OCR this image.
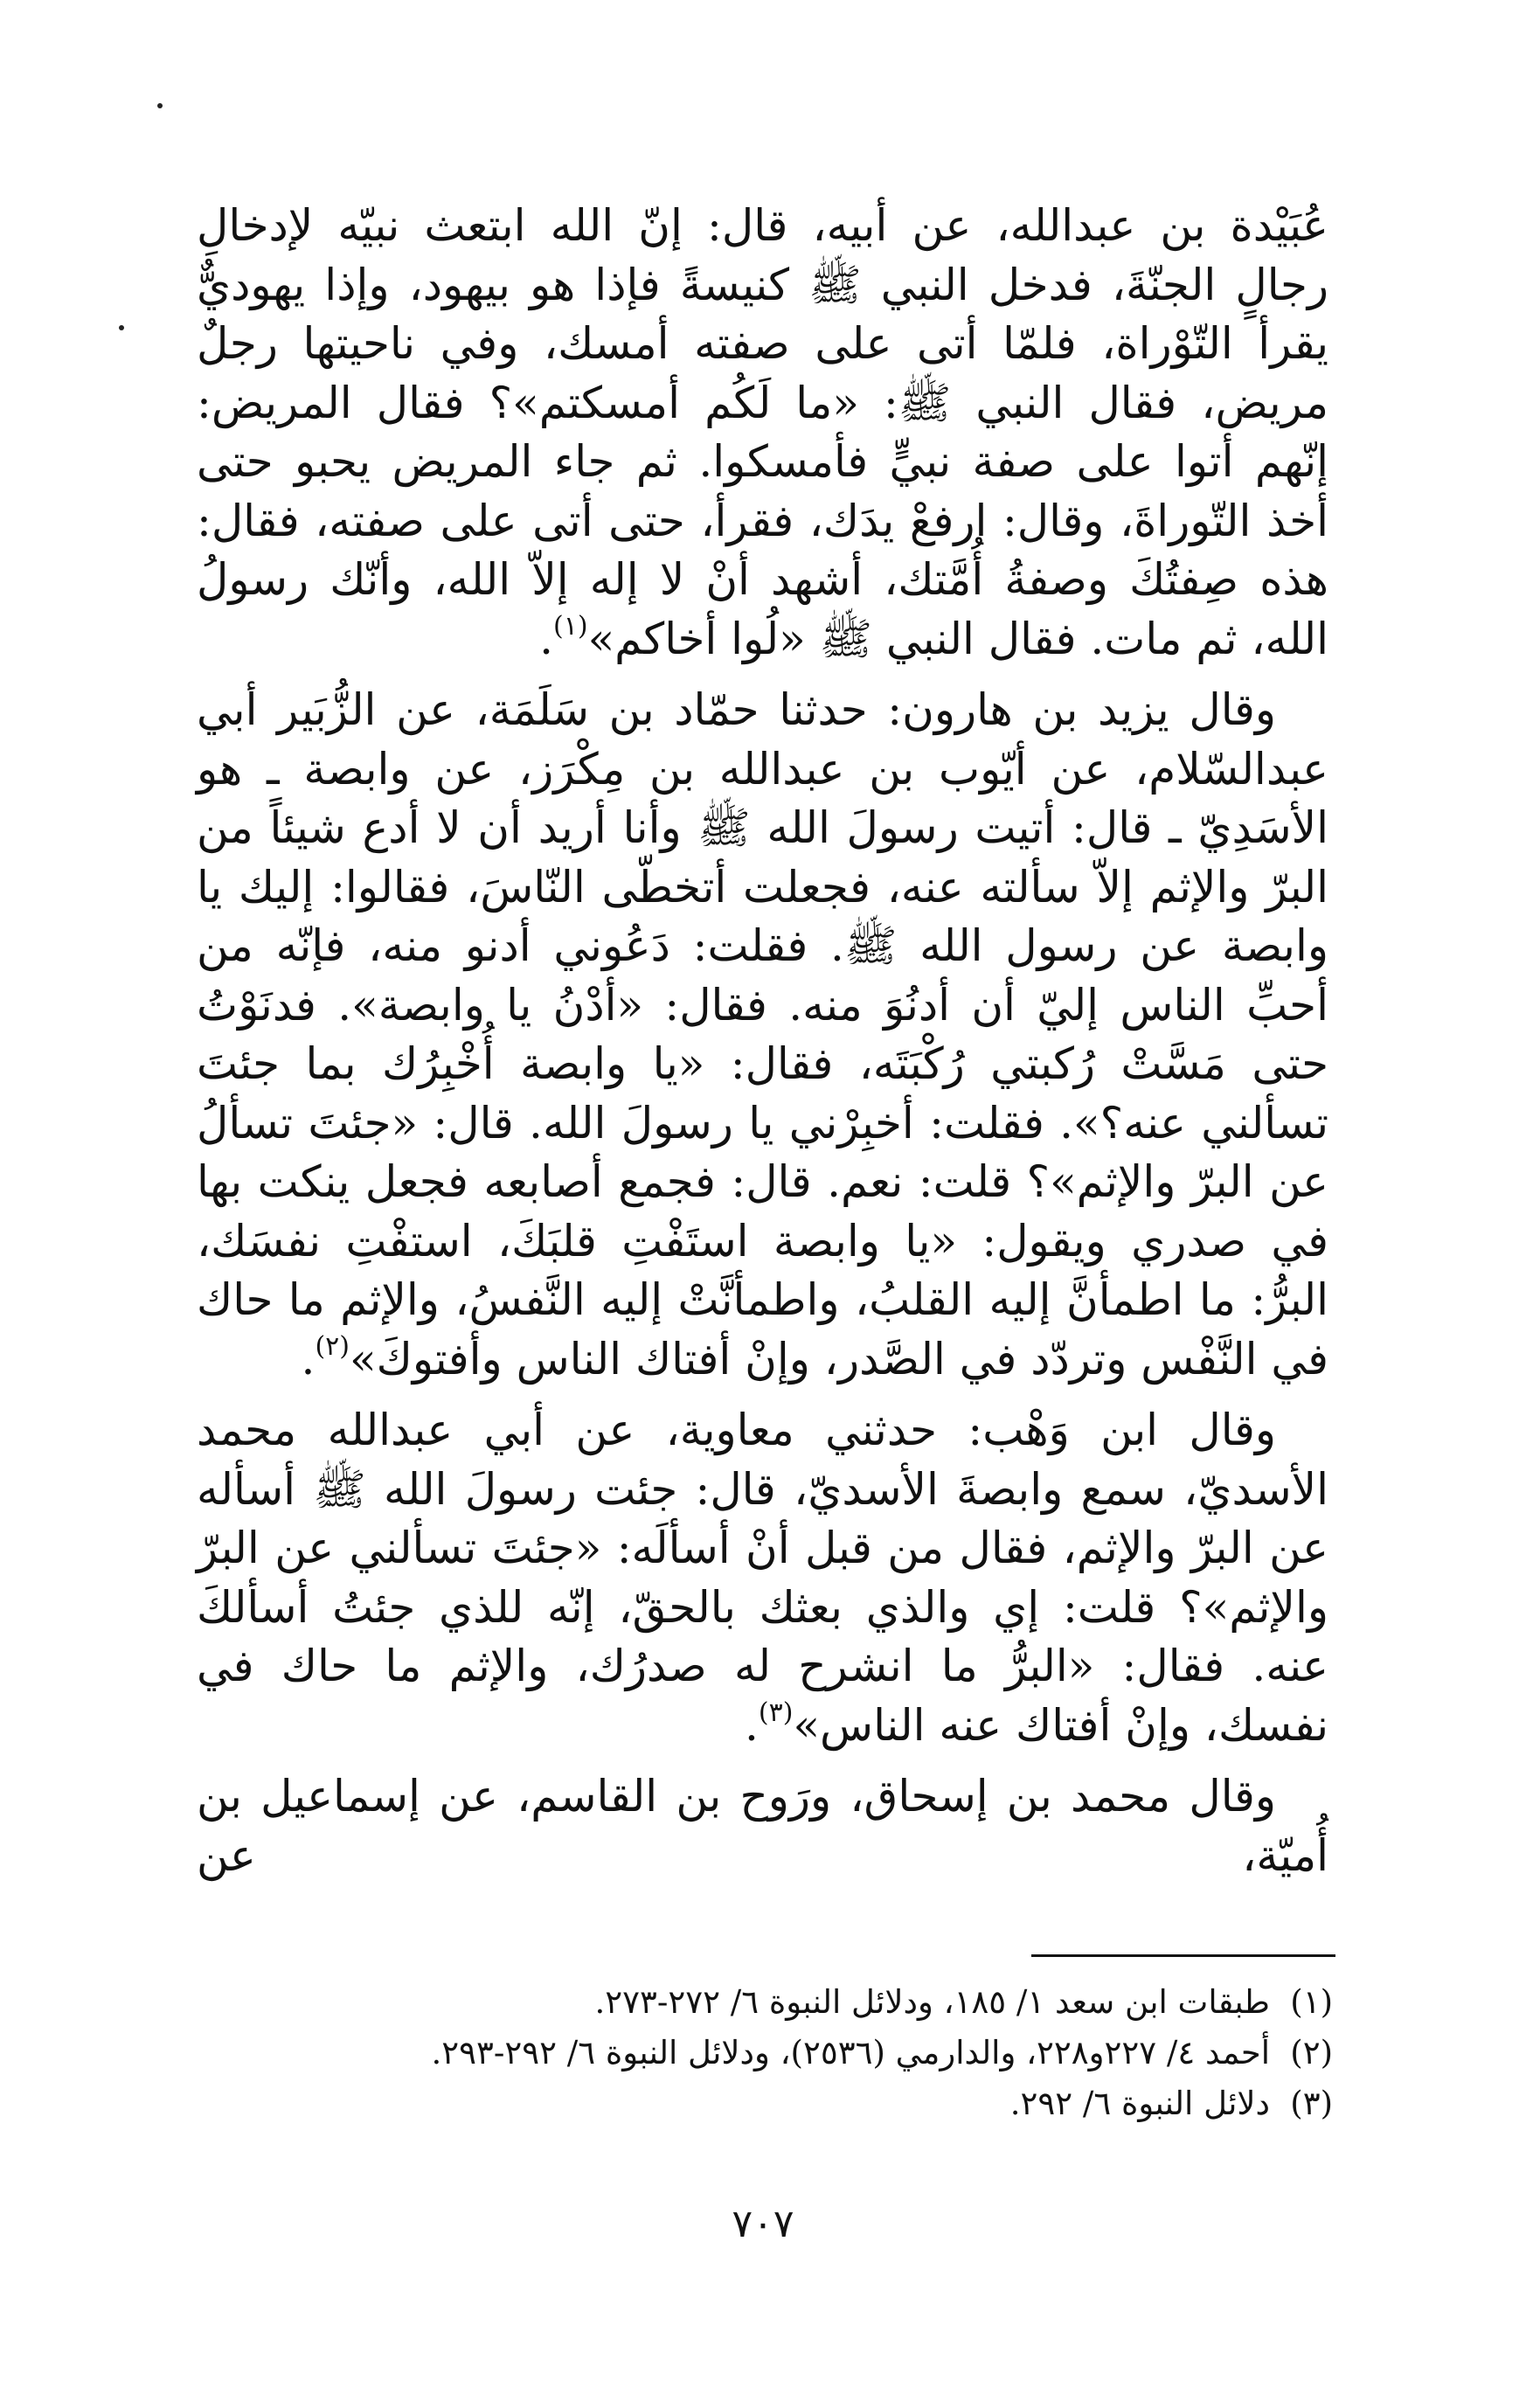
عُبَيْدة بن عبدالله، عن أبيه، قال: إنّ الله ابتعث نبيّه لإدخالِ رجالٍ الجنّةَ، فدخل النبي ﷺ كنيسةً فإذا هو بيهود، وإذا يهوديٌّ يقرأ التّوْراة، فلمّا أتى على صفته أمسك، وفي ناحيتها رجلٌ مريض، فقال النبي ﷺ: «ما لَكُم أمسكتم»؟ فقال المريض: إنّهم أتوا على صفة نبيٍّ فأمسكوا. ثم جاء المريض يحبو حتى أخذ التّوراةَ، وقال: ارفعْ يدَك، فقرأ، حتى أتى على صفته، فقال: هذه صِفتُكَ وصفةُ أُمَّتك، أشهد أنْ لا إله إلاّ الله، وأنّك رسولُ الله، ثم مات. فقال النبي ﷺ «لُوا أخاكم»$^{(١)}$.

وقال يزيد بن هارون: حدثنا حمّاد بن سَلَمَة، عن الزُّبَير أبي عبدالسّلام، عن أيّوب بن عبدالله بن مِكْرَز، عن وابصة ـ هو الأسَدِيّ ـ قال: أتيت رسولَ الله ﷺ وأنا أريد أن لا أدع شيئاً من البرّ والإثم إلاّ سألته عنه، فجعلت أتخطّى النّاسَ، فقالوا: إليك يا وابصة عن رسول الله ﷺ. فقلت: دَعُوني أدنو منه، فإنّه من أحبِّ الناس إليّ أن أدنُوَ منه. فقال: «أدْنُ يا وابصة». فدنَوْتُ حتى مَسَّتْ رُكبتي رُكْبَتَه، فقال: «يا وابصة أُخْبِرُك بما جئتَ تسألني عنه؟». فقلت: أخبِرْني يا رسولَ الله. قال: «جئتَ تسألُ عن البرّ والإثم»؟ قلت: نعم. قال: فجمع أصابعه فجعل ينكت بها في صدري ويقول: «يا وابصة استَفْتِ قلبَكَ، استفْتِ نفسَك، البرُّ: ما اطمأنَّ إليه القلبُ، واطمأنَّتْ إليه النَّفسُ، والإثم ما حاك في النَّفْس وتردّد في الصَّدر، وإنْ أفتاك الناس وأفتوكَ»$^{(٢)}$.

وقال ابن وَهْب: حدثني معاوية، عن أبي عبدالله محمد الأسديّ، سمع وابصةَ الأسديّ، قال: جئت رسولَ الله ﷺ أسأله عن البرّ والإثم، فقال من قبل أنْ أسألَه: «جئتَ تسألني عن البرّ والإثم»؟ قلت: إي والذي بعثك بالحقّ، إنّه للذي جئتُ أسألكَ عنه. فقال: «البرُّ ما انشرح له صدرُك، والإثم ما حاك في نفسك، وإنْ أفتاك عنه الناس»$^{(٣)}$.

وقال محمد بن إسحاق، ورَوح بن القاسم، عن إسماعيل بن أُميّة، عن

(١)
طبقات ابن سعد ١/ ١٨٥، ودلائل النبوة ٦/ ٢٧٢-٢٧٣.
(٢)
أحمد ٤/ ٢٢٧و٢٢٨، والدارمي (٢٥٣٦)، ودلائل النبوة ٦/ ٢٩٢-٢٩٣.
(٣)
دلائل النبوة ٦/ ٢٩٢.
٧٠٧
